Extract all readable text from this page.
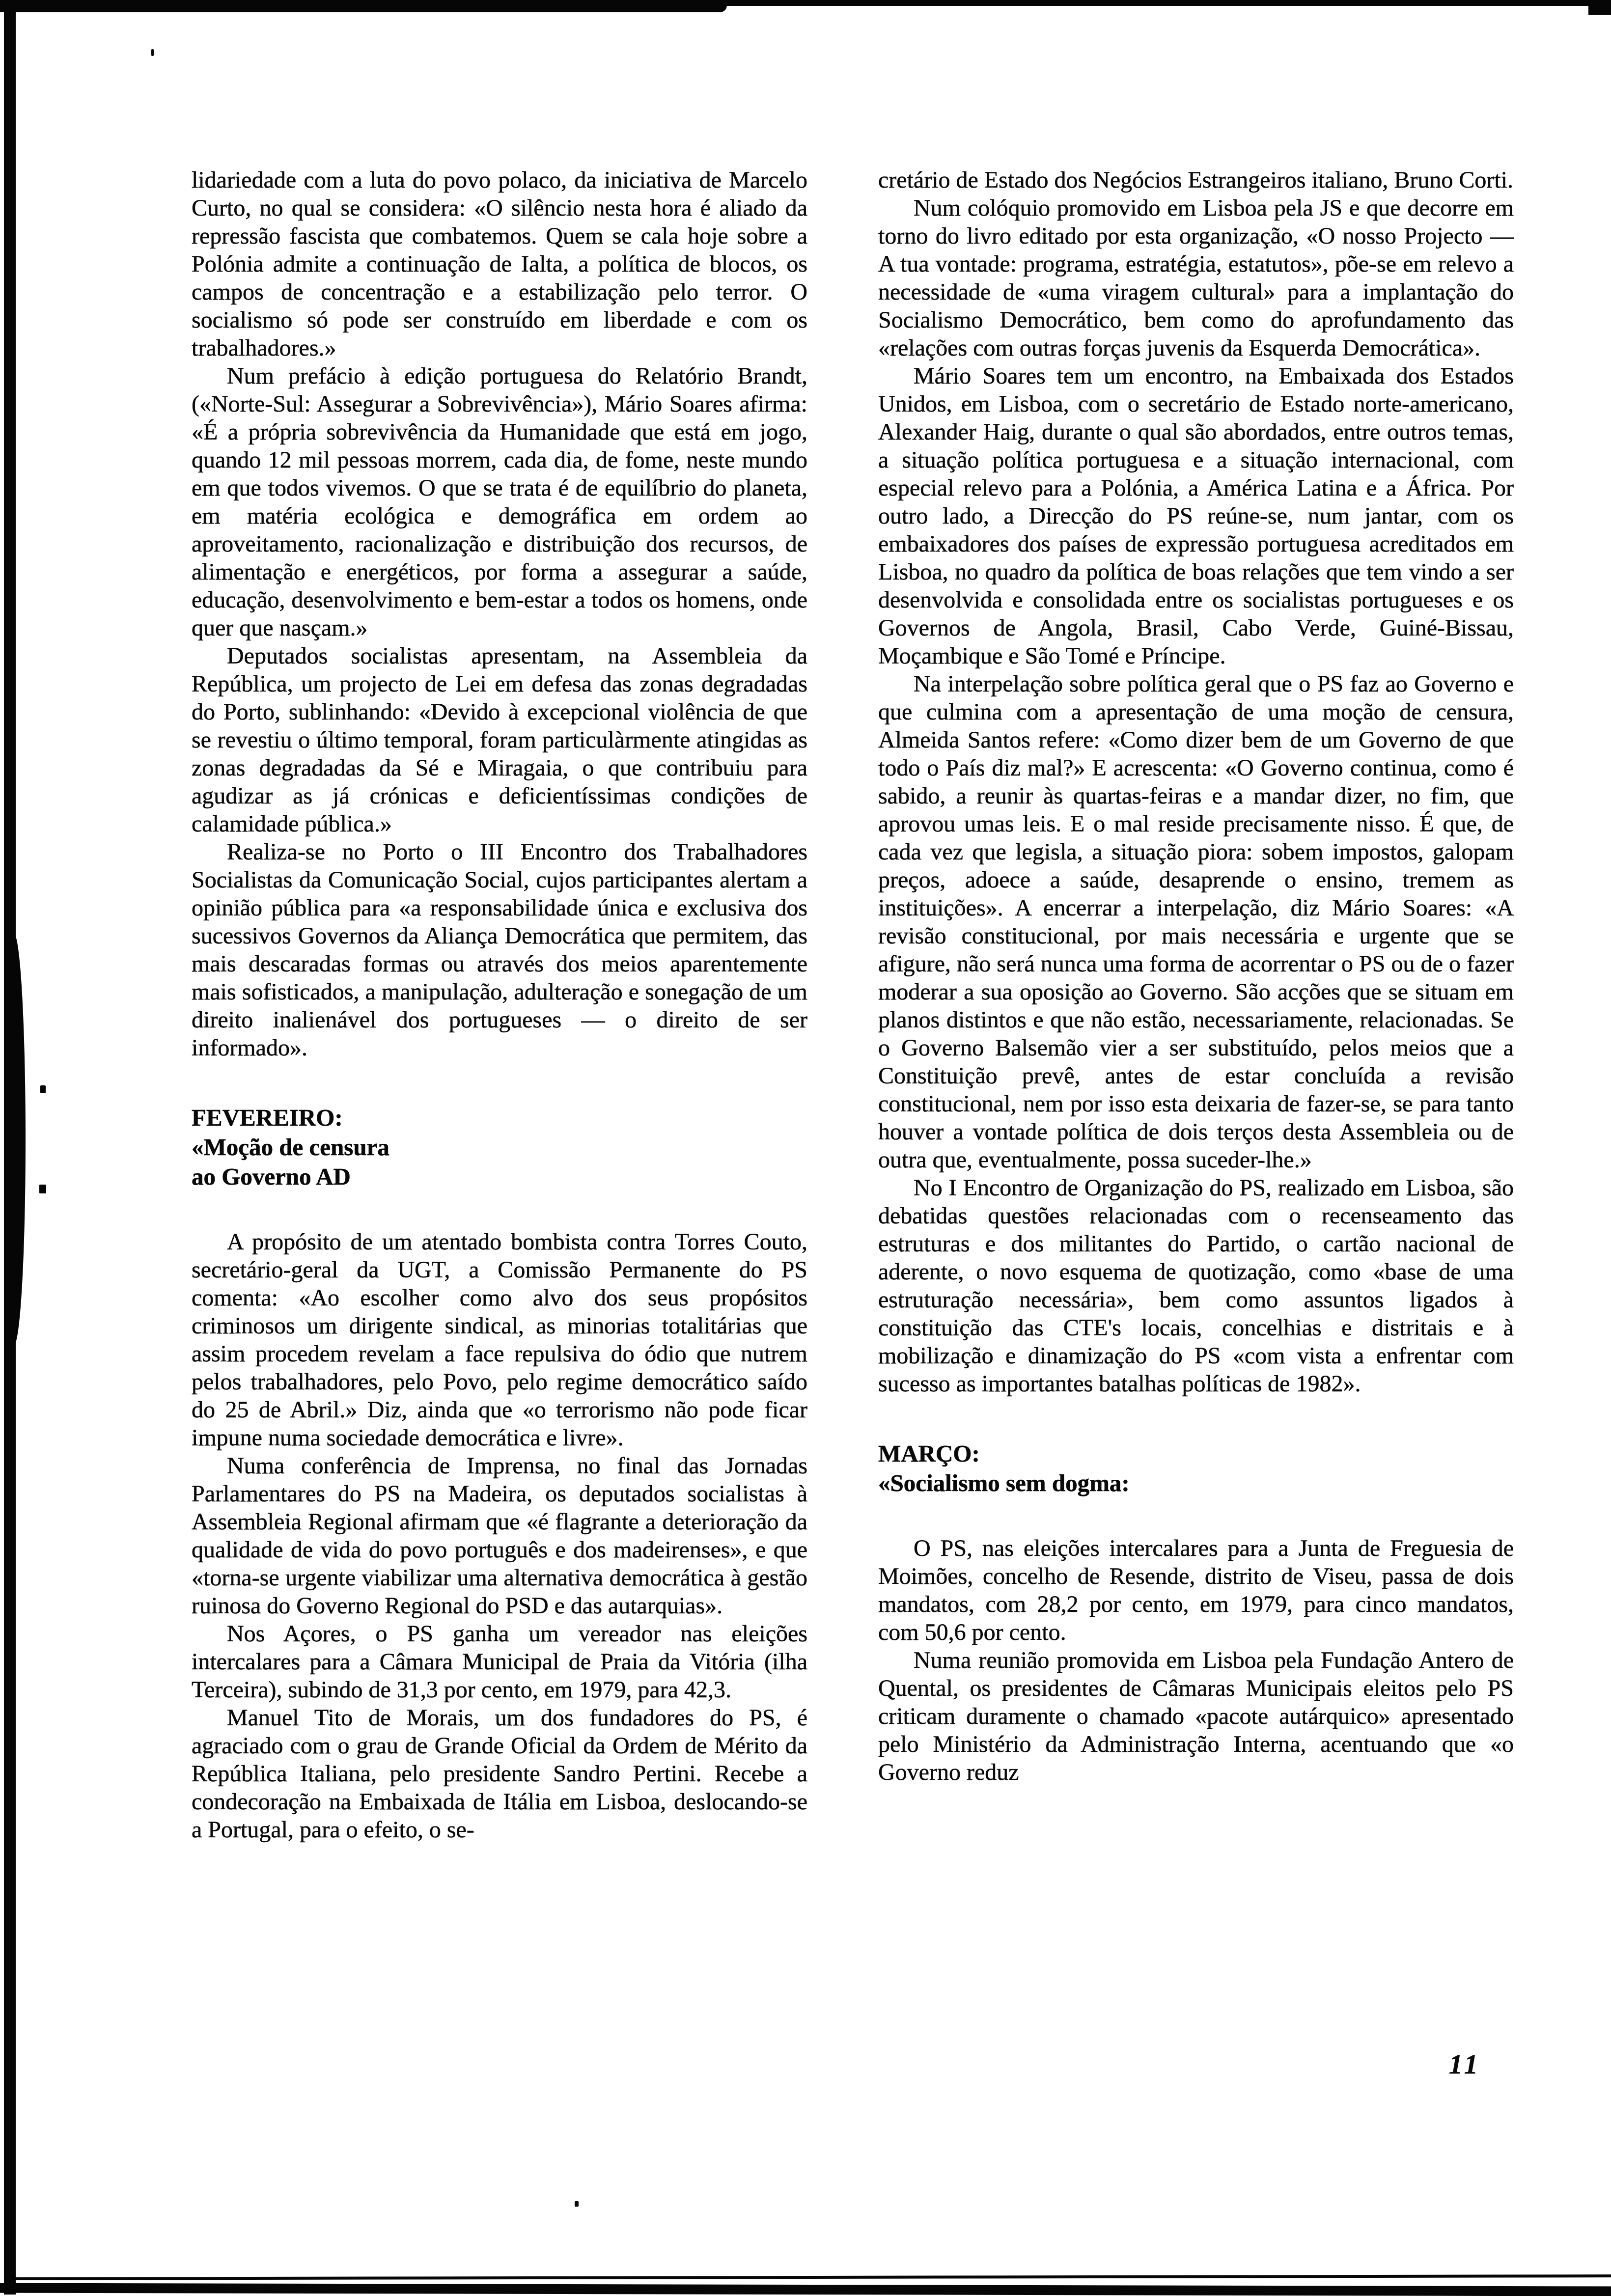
lidariedade com a luta do povo polaco, da iniciativa de Marcelo Curto, no qual se considera: «O silêncio nesta hora é aliado da repressão fascista que combatemos. Quem se cala hoje sobre a Polónia admite a continuação de Ialta, a política de blocos, os campos de concentração e a estabilização pelo terror. O socialismo só pode ser construído em liberdade e com os trabalhadores.»

Num prefácio à edição portuguesa do Relatório Brandt, («Norte-Sul: Assegurar a Sobrevivência»), Mário Soares afirma: «É a própria sobrevivência da Humanidade que está em jogo, quando 12 mil pessoas morrem, cada dia, de fome, neste mundo em que todos vivemos. O que se trata é de equilíbrio do planeta, em matéria ecológica e demográfica em ordem ao aproveitamento, racionalização e distribuição dos recursos, de alimentação e energéticos, por forma a assegurar a saúde, educação, desenvolvimento e bem-estar a todos os homens, onde quer que nasçam.»

Deputados socialistas apresentam, na Assembleia da República, um projecto de Lei em defesa das zonas degradadas do Porto, sublinhando: «Devido à excepcional violência de que se revestiu o último temporal, foram particulàrmente atingidas as zonas degradadas da Sé e Miragaia, o que contribuiu para agudizar as já crónicas e deficientíssimas condições de calamidade pública.»

Realiza-se no Porto o III Encontro dos Trabalhadores Socialistas da Comunicação Social, cujos participantes alertam a opinião pública para «a responsabilidade única e exclusiva dos sucessivos Governos da Aliança Democrática que permitem, das mais descaradas formas ou através dos meios aparentemente mais sofisticados, a manipulação, adulteração e sonegação de um direito inalienável dos portugueses — o direito de ser informado».

FEVEREIRO:
«Moção de censura
ao Governo AD

A propósito de um atentado bombista contra Torres Couto, secretário-geral da UGT, a Comissão Permanente do PS comenta: «Ao escolher como alvo dos seus propósitos criminosos um dirigente sindical, as minorias totalitárias que assim procedem revelam a face repulsiva do ódio que nutrem pelos trabalhadores, pelo Povo, pelo regime democrático saído do 25 de Abril.» Diz, ainda que «o terrorismo não pode ficar impune numa sociedade democrática e livre».

Numa conferência de Imprensa, no final das Jornadas Parlamentares do PS na Madeira, os deputados socialistas à Assembleia Regional afirmam que «é flagrante a deterioração da qualidade de vida do povo português e dos madeirenses», e que «torna-se urgente viabilizar uma alternativa democrática à gestão ruinosa do Governo Regional do PSD e das autarquias».

Nos Açores, o PS ganha um vereador nas eleições intercalares para a Câmara Municipal de Praia da Vitória (ilha Terceira), subindo de 31,3 por cento, em 1979, para 42,3.

Manuel Tito de Morais, um dos fundadores do PS, é agraciado com o grau de Grande Oficial da Ordem de Mérito da República Italiana, pelo presidente Sandro Pertini. Recebe a condecoração na Embaixada de Itália em Lisboa, deslocando-se a Portugal, para o efeito, o se-

cretário de Estado dos Negócios Estrangeiros italiano, Bruno Corti.

Num colóquio promovido em Lisboa pela JS e que decorre em torno do livro editado por esta organização, «O nosso Projecto — A tua vontade: programa, estratégia, estatutos», põe-se em relevo a necessidade de «uma viragem cultural» para a implantação do Socialismo Democrático, bem como do aprofundamento das «relações com outras forças juvenis da Esquerda Democrática».

Mário Soares tem um encontro, na Embaixada dos Estados Unidos, em Lisboa, com o secretário de Estado norte-americano, Alexander Haig, durante o qual são abordados, entre outros temas, a situação política portuguesa e a situação internacional, com especial relevo para a Polónia, a América Latina e a África. Por outro lado, a Direcção do PS reúne-se, num jantar, com os embaixadores dos países de expressão portuguesa acreditados em Lisboa, no quadro da política de boas relações que tem vindo a ser desenvolvida e consolidada entre os socialistas portugueses e os Governos de Angola, Brasil, Cabo Verde, Guiné-Bissau, Moçambique e São Tomé e Príncipe.

Na interpelação sobre política geral que o PS faz ao Governo e que culmina com a apresentação de uma moção de censura, Almeida Santos refere: «Como dizer bem de um Governo de que todo o País diz mal?» E acrescenta: «O Governo continua, como é sabido, a reunir às quartas-feiras e a mandar dizer, no fim, que aprovou umas leis. E o mal reside precisamente nisso. É que, de cada vez que legisla, a situação piora: sobem impostos, galopam preços, adoece a saúde, desaprende o ensino, tremem as instituições». A encerrar a interpelação, diz Mário Soares: «A revisão constitucional, por mais necessária e urgente que se afigure, não será nunca uma forma de acorrentar o PS ou de o fazer moderar a sua oposição ao Governo. São acções que se situam em planos distintos e que não estão, necessariamente, relacionadas. Se o Governo Balsemão vier a ser substituído, pelos meios que a Constituição prevê, antes de estar concluída a revisão constitucional, nem por isso esta deixaria de fazer-se, se para tanto houver a vontade política de dois terços desta Assembleia ou de outra que, eventualmente, possa suceder-lhe.»

No I Encontro de Organização do PS, realizado em Lisboa, são debatidas questões relacionadas com o recenseamento das estruturas e dos militantes do Partido, o cartão nacional de aderente, o novo esquema de quotização, como «base de uma estruturação necessária», bem como assuntos ligados à constituição das CTE's locais, concelhias e distritais e à mobilização e dinamização do PS «com vista a enfrentar com sucesso as importantes batalhas políticas de 1982».

MARÇO:
«Socialismo sem dogma:

O PS, nas eleições intercalares para a Junta de Freguesia de Moimões, concelho de Resende, distrito de Viseu, passa de dois mandatos, com 28,2 por cento, em 1979, para cinco mandatos, com 50,6 por cento.

Numa reunião promovida em Lisboa pela Fundação Antero de Quental, os presidentes de Câmaras Municipais eleitos pelo PS criticam duramente o chamado «pacote autárquico» apresentado pelo Ministério da Administração Interna, acentuando que «o Governo reduz

11
